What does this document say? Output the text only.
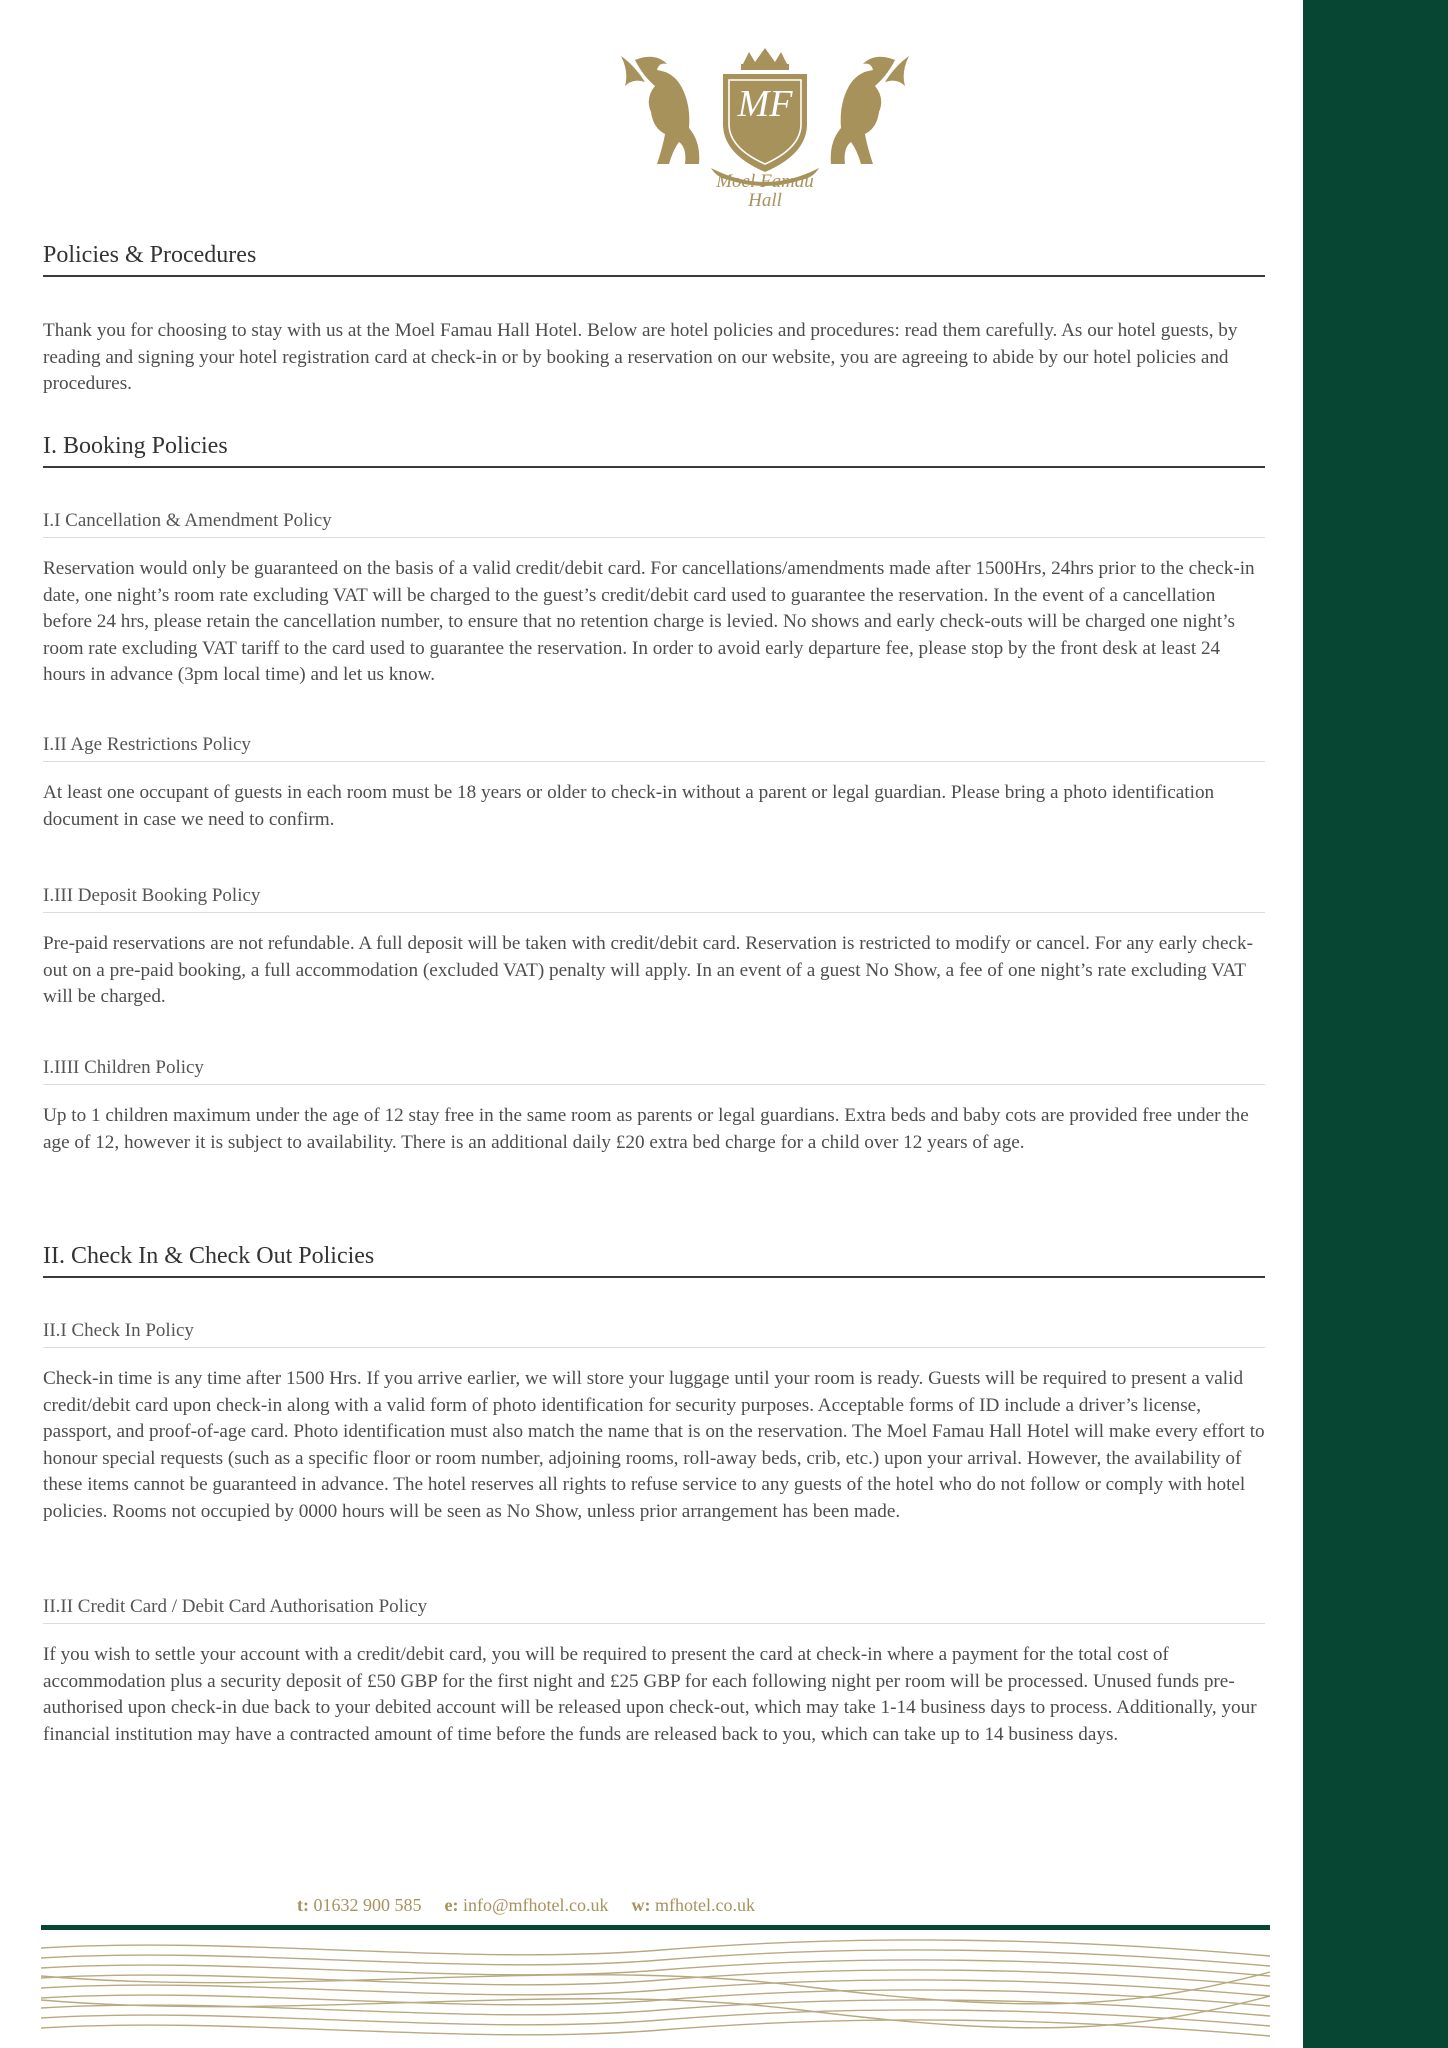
MF
Moel Famau
Hall
Policies & Procedures

Thank you for choosing to stay with us at the Moel Famau Hall Hotel. Below are hotel policies and procedures: read them carefully. As our hotel guests, by reading and signing your hotel registration card at check-in or by booking a reservation on our website, you are agreeing to abide by our hotel policies and procedures.

I. Booking Policies
I.I Cancellation & Amendment Policy

Reservation would only be guaranteed on the basis of a valid credit/debit card. For cancellations/amendments made after 1500Hrs, 24hrs prior to the check-in date, one night’s room rate excluding VAT will be charged to the guest’s credit/debit card used to guarantee the reservation. In the event of a cancellation before 24 hrs, please retain the cancellation number, to ensure that no retention charge is levied. No shows and early check-outs will be charged one night’s room rate excluding VAT tariff to the card used to guarantee the reservation. In order to avoid early departure fee, please stop by the front desk at least 24 hours in advance (3pm local time) and let us know.

I.II Age Restrictions Policy

At least one occupant of guests in each room must be 18 years or older to check-in without a parent or legal guardian. Please bring a photo identification document in case we need to confirm.

I.III Deposit Booking Policy

Pre-paid reservations are not refundable. A full deposit will be taken with credit/debit card. Reservation is restricted to modify or cancel. For any early check-out on a pre-paid booking, a full accommodation (excluded VAT) penalty will apply. In an event of a guest No Show, a fee of one night’s rate excluding VAT will be charged.

I.IIII Children Policy

Up to 1 children maximum under the age of 12 stay free in the same room as parents or legal guardians. Extra beds and baby cots are provided free under the age of 12, however it is subject to availability. There is an additional daily £20 extra bed charge for a child over 12 years of age.

II. Check In & Check Out Policies
II.I Check In Policy

Check-in time is any time after 1500 Hrs. If you arrive earlier, we will store your luggage until your room is ready. Guests will be required to present a valid credit/debit card upon check-in along with a valid form of photo identification for security purposes. Acceptable forms of ID include a driver’s license, passport, and proof-of-age card. Photo identification must also match the name that is on the reservation. The Moel Famau Hall Hotel will make every effort to honour special requests (such as a specific floor or room number, adjoining rooms, roll-away beds, crib, etc.) upon your arrival. However, the availability of these items cannot be guaranteed in advance. The hotel reserves all rights to refuse service to any guests of the hotel who do not follow or comply with hotel policies. Rooms not occupied by 0000 hours will be seen as No Show, unless prior arrangement has been made.

II.II Credit Card / Debit Card Authorisation Policy

If you wish to settle your account with a credit/debit card, you will be required to present the card at check-in where a payment for the total cost of accommodation plus a security deposit of £50 GBP for the first night and £25 GBP for each following night per room will be processed. Unused funds pre-authorised upon check-in due back to your debited account will be released upon check-out, which may take 1-14 business days to process. Additionally, your financial institution may have a contracted amount of time before the funds are released back to you, which can take up to 14 business days.

t: 01632 900 585 e: info@mfhotel.co.uk w: mfhotel.co.uk
